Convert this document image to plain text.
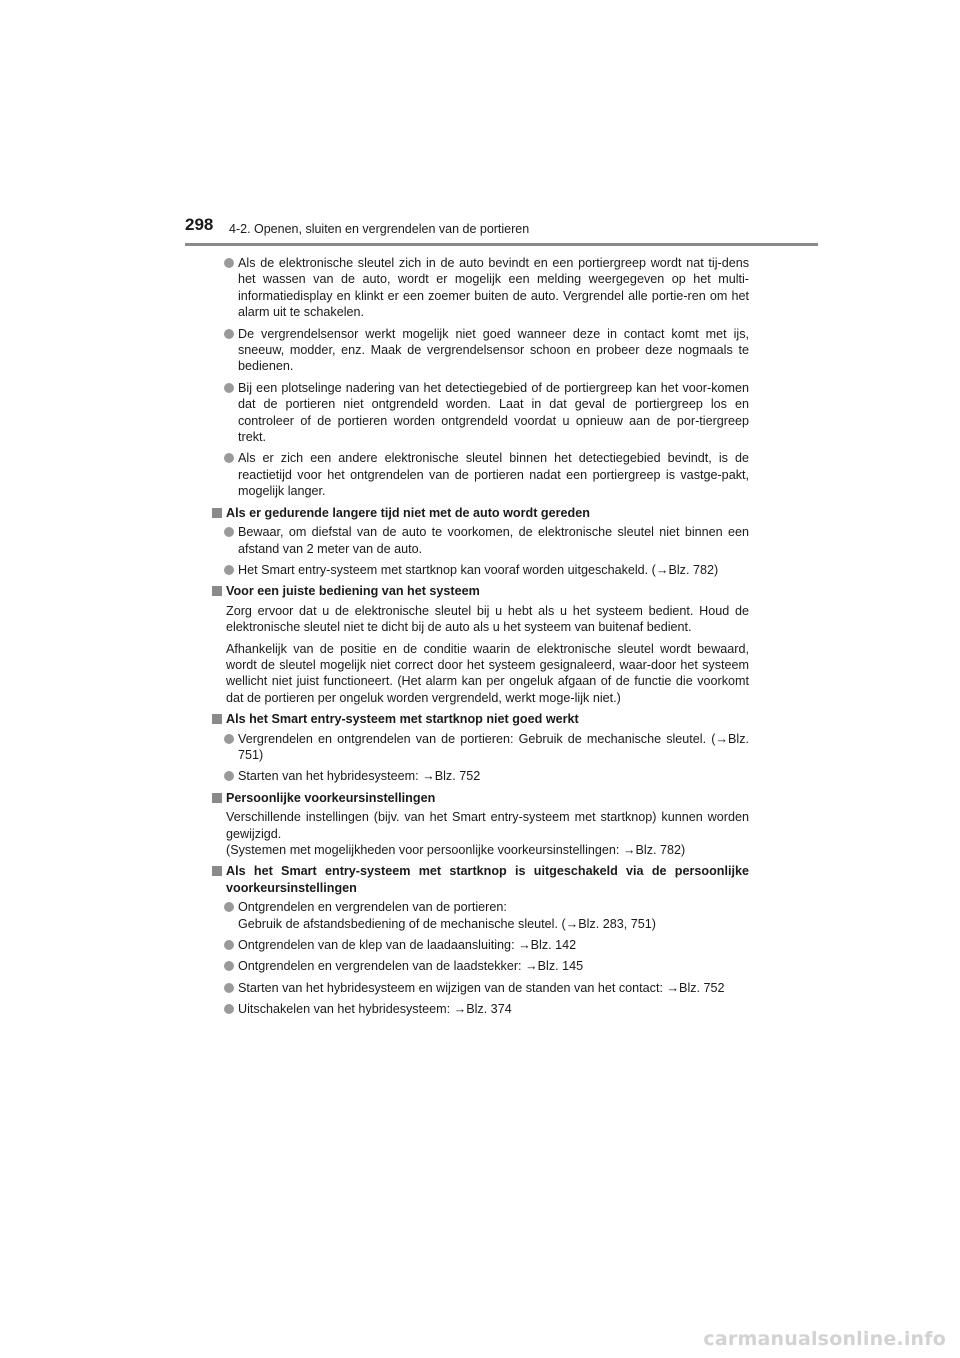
298 4-2. Openen, sluiten en vergrendelen van de portieren
Als de elektronische sleutel zich in de auto bevindt en een portiergreep wordt nat tij-dens het wassen van de auto, wordt er mogelijk een melding weergegeven op het multi-informatiedisplay en klinkt er een zoemer buiten de auto. Vergrendel alle portie-ren om het alarm uit te schakelen.
De vergrendelsensor werkt mogelijk niet goed wanneer deze in contact komt met ijs, sneeuw, modder, enz. Maak de vergrendelsensor schoon en probeer deze nogmaals te bedienen.
Bij een plotselinge nadering van het detectiegebied of de portiergreep kan het voor-komen dat de portieren niet ontgrendeld worden. Laat in dat geval de portiergreep los en controleer of de portieren worden ontgrendeld voordat u opnieuw aan de por-tiergreep trekt.
Als er zich een andere elektronische sleutel binnen het detectiegebied bevindt, is de reactietijd voor het ontgrendelen van de portieren nadat een portiergreep is vastge-pakt, mogelijk langer.
Als er gedurende langere tijd niet met de auto wordt gereden
Bewaar, om diefstal van de auto te voorkomen, de elektronische sleutel niet binnen een afstand van 2 meter van de auto.
Het Smart entry-systeem met startknop kan vooraf worden uitgeschakeld. (→Blz. 782)
Voor een juiste bediening van het systeem
Zorg ervoor dat u de elektronische sleutel bij u hebt als u het systeem bedient. Houd de elektronische sleutel niet te dicht bij de auto als u het systeem van buitenaf bedient.
Afhankelijk van de positie en de conditie waarin de elektronische sleutel wordt bewaard, wordt de sleutel mogelijk niet correct door het systeem gesignaleerd, waar-door het systeem wellicht niet juist functioneert. (Het alarm kan per ongeluk afgaan of de functie die voorkomt dat de portieren per ongeluk worden vergrendeld, werkt moge-lijk niet.)
Als het Smart entry-systeem met startknop niet goed werkt
Vergrendelen en ontgrendelen van de portieren: Gebruik de mechanische sleutel. (→Blz. 751)
Starten van het hybridesysteem: →Blz. 752
Persoonlijke voorkeursinstellingen
Verschillende instellingen (bijv. van het Smart entry-systeem met startknop) kunnen worden gewijzigd.
(Systemen met mogelijkheden voor persoonlijke voorkeursinstellingen: →Blz. 782)
Als het Smart entry-systeem met startknop is uitgeschakeld via de persoonlijke voorkeursinstellingen
Ontgrendelen en vergrendelen van de portieren:
Gebruik de afstandsbediening of de mechanische sleutel. (→Blz. 283, 751)
Ontgrendelen van de klep van de laadaansluiting: →Blz. 142
Ontgrendelen en vergrendelen van de laadstekker: →Blz. 145
Starten van het hybridesysteem en wijzigen van de standen van het contact: →Blz. 752
Uitschakelen van het hybridesysteem: →Blz. 374
carmanualsonline.info
